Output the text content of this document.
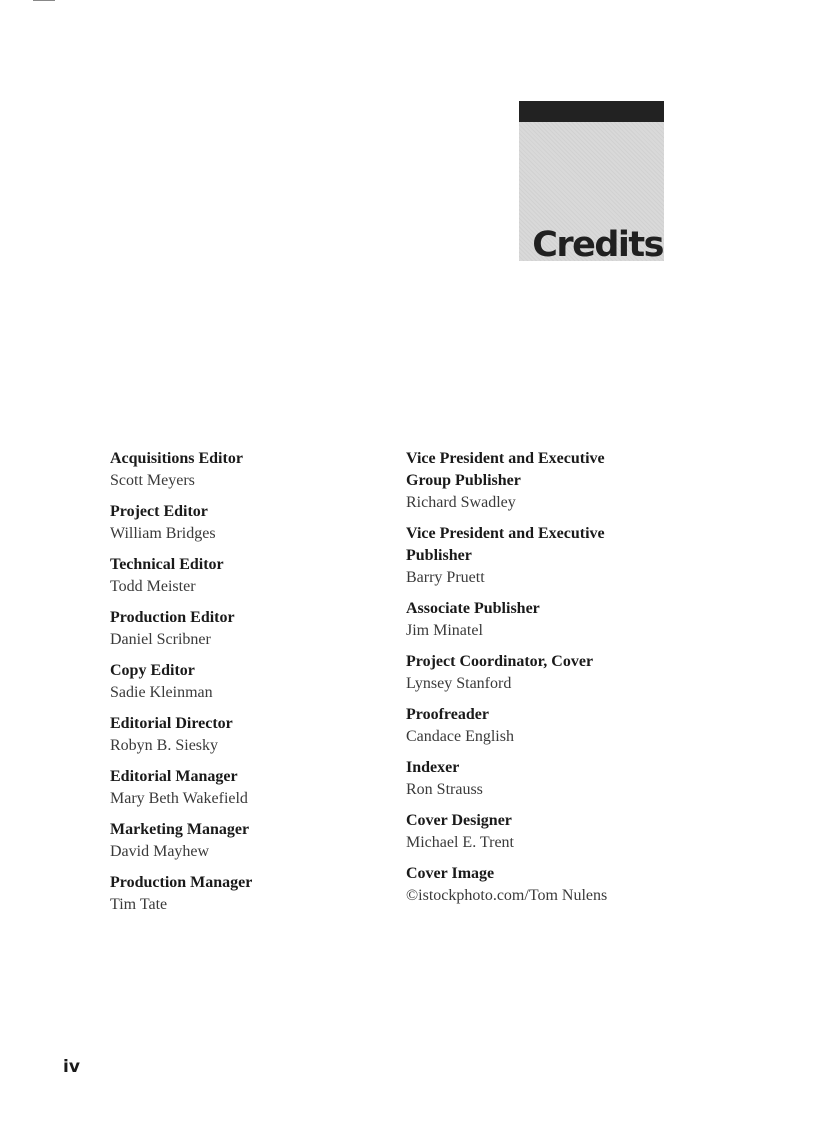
Credits
Acquisitions Editor
Scott Meyers
Project Editor
William Bridges
Technical Editor
Todd Meister
Production Editor
Daniel Scribner
Copy Editor
Sadie Kleinman
Editorial Director
Robyn B. Siesky
Editorial Manager
Mary Beth Wakefield
Marketing Manager
David Mayhew
Production Manager
Tim Tate
Vice President and Executive
Group Publisher
Richard Swadley
Vice President and Executive
Publisher
Barry Pruett
Associate Publisher
Jim Minatel
Project Coordinator, Cover
Lynsey Stanford
Proofreader
Candace English
Indexer
Ron Strauss
Cover Designer
Michael E. Trent
Cover Image
©istockphoto.com/Tom Nulens

iv
